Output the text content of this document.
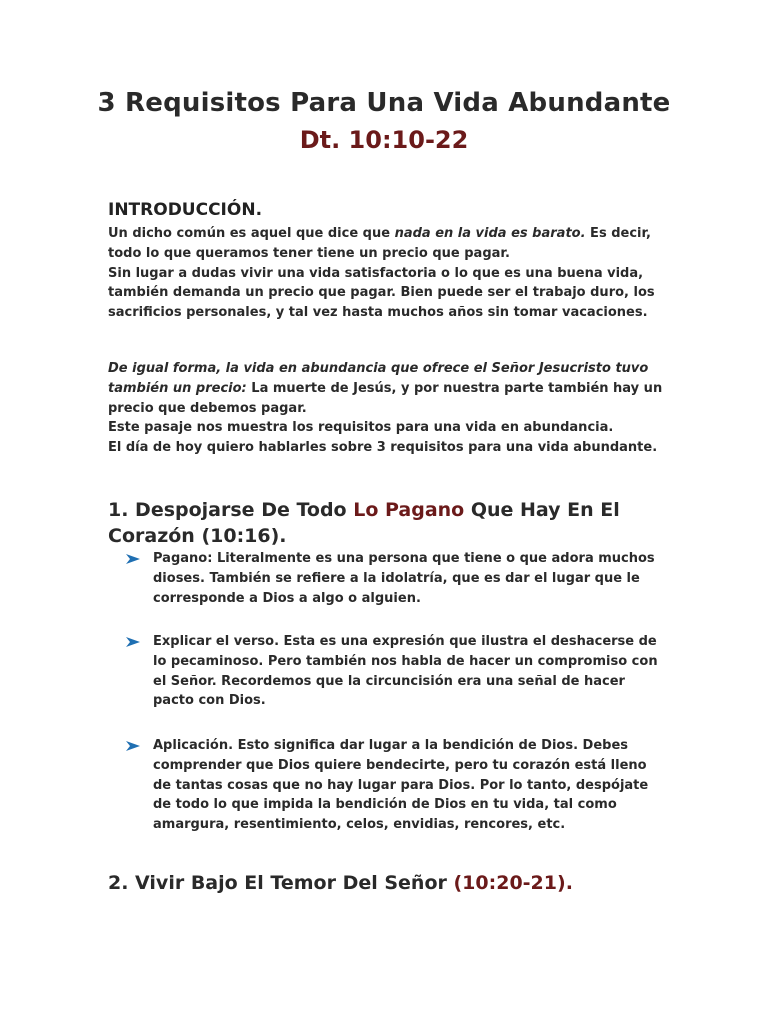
3 Requisitos Para Una Vida Abundante
Dt. 10:10-22
INTRODUCCIÓN.

Un dicho común es aquel que dice que nada en la vida es barato. Es decir, todo lo que queramos tener tiene un precio que pagar.
Sin lugar a dudas vivir una vida satisfactoria o lo que es una buena vida, también demanda un precio que pagar. Bien puede ser el trabajo duro, los sacrificios personales, y tal vez hasta muchos años sin tomar vacaciones.

De igual forma, la vida en abundancia que ofrece el Señor Jesucristo tuvo también un precio: La muerte de Jesús, y por nuestra parte también hay un precio que debemos pagar.
Este pasaje nos muestra los requisitos para una vida en abundancia.
El día de hoy quiero hablarles sobre 3 requisitos para una vida abundante.

1. Despojarse De Todo Lo Pagano Que Hay En El Corazón (10:16).
Pagano: Literalmente es una persona que tiene o que adora muchos dioses. También se refiere a la idolatría, que es dar el lugar que le corresponde a Dios a algo o alguien.
Explicar el verso. Esta es una expresión que ilustra el deshacerse de lo pecaminoso. Pero también nos habla de hacer un compromiso con el Señor. Recordemos que la circuncisión era una señal de hacer pacto con Dios.
Aplicación. Esto significa dar lugar a la bendición de Dios. Debes comprender que Dios quiere bendecirte, pero tu corazón está lleno de tantas cosas que no hay lugar para Dios. Por lo tanto, despójate de todo lo que impida la bendición de Dios en tu vida, tal como amargura, resentimiento, celos, envidias, rencores, etc.
2. Vivir Bajo El Temor Del Señor (10:20-21).
